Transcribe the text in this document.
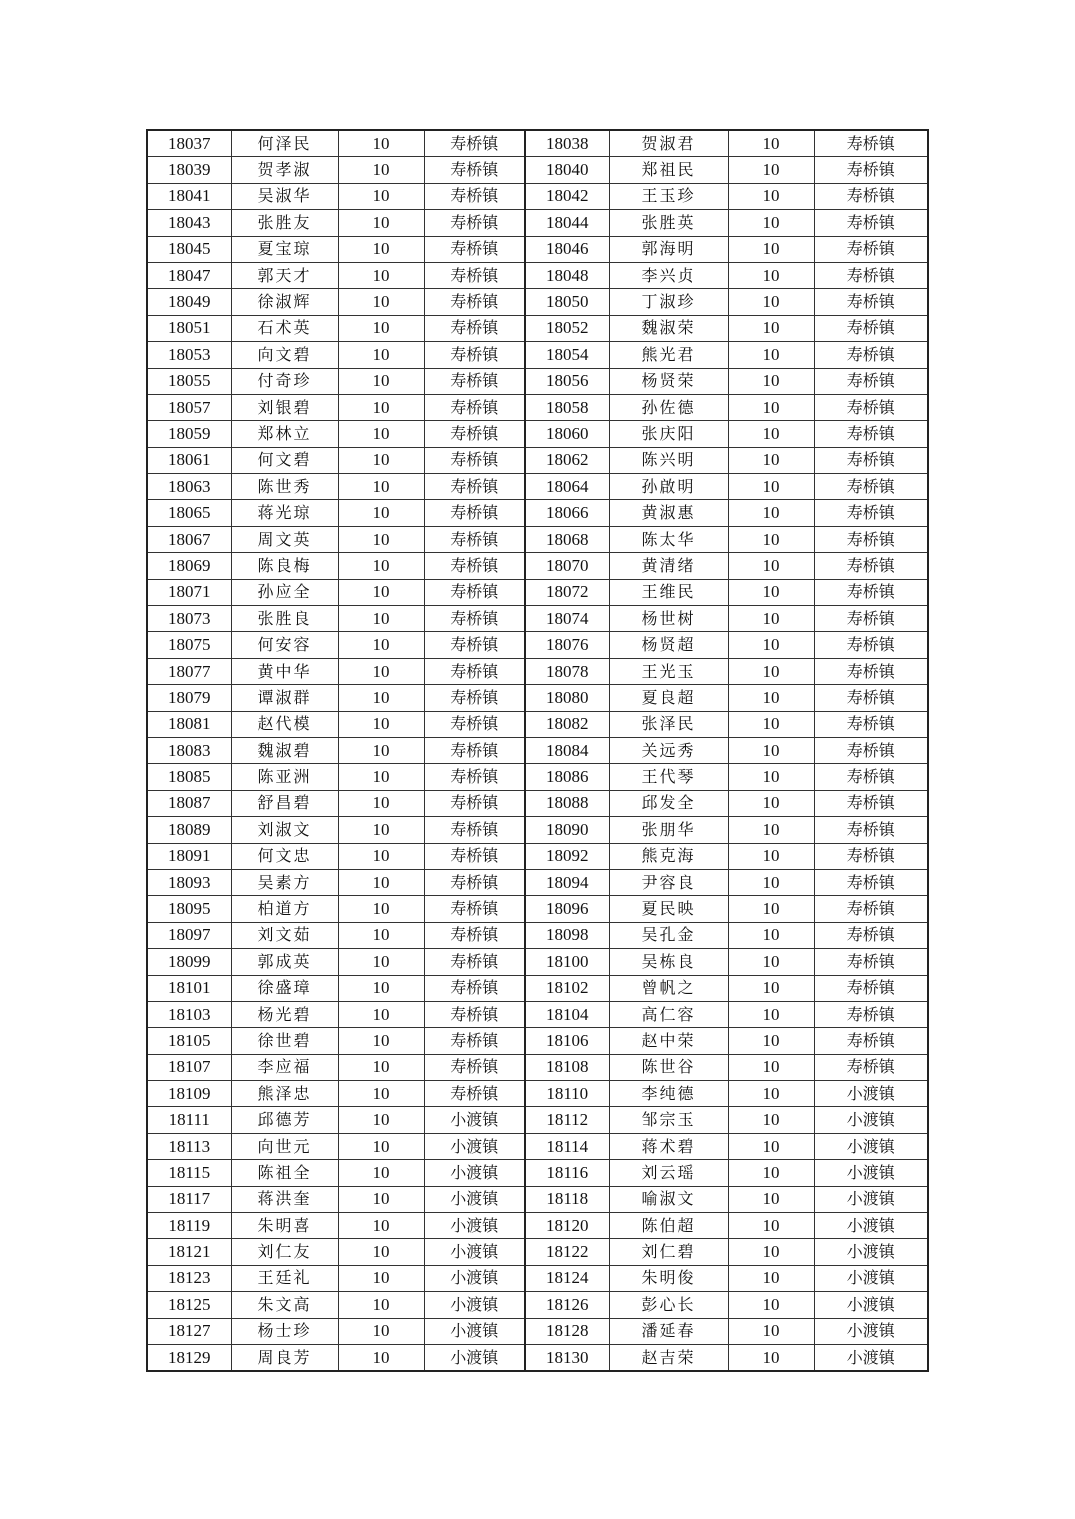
18037	何泽民	10	寿桥镇	18038	贺淑君	10	寿桥镇
18039	贺孝淑	10	寿桥镇	18040	郑祖民	10	寿桥镇
18041	吴淑华	10	寿桥镇	18042	王玉珍	10	寿桥镇
18043	张胜友	10	寿桥镇	18044	张胜英	10	寿桥镇
18045	夏宝琼	10	寿桥镇	18046	郭海明	10	寿桥镇
18047	郭天才	10	寿桥镇	18048	李兴贞	10	寿桥镇
18049	徐淑辉	10	寿桥镇	18050	丁淑珍	10	寿桥镇
18051	石术英	10	寿桥镇	18052	魏淑荣	10	寿桥镇
18053	向文碧	10	寿桥镇	18054	熊光君	10	寿桥镇
18055	付奇珍	10	寿桥镇	18056	杨贤荣	10	寿桥镇
18057	刘银碧	10	寿桥镇	18058	孙佐德	10	寿桥镇
18059	郑林立	10	寿桥镇	18060	张庆阳	10	寿桥镇
18061	何文碧	10	寿桥镇	18062	陈兴明	10	寿桥镇
18063	陈世秀	10	寿桥镇	18064	孙啟明	10	寿桥镇
18065	蒋光琼	10	寿桥镇	18066	黄淑惠	10	寿桥镇
18067	周文英	10	寿桥镇	18068	陈太华	10	寿桥镇
18069	陈良梅	10	寿桥镇	18070	黄清绪	10	寿桥镇
18071	孙应全	10	寿桥镇	18072	王维民	10	寿桥镇
18073	张胜良	10	寿桥镇	18074	杨世树	10	寿桥镇
18075	何安容	10	寿桥镇	18076	杨贤超	10	寿桥镇
18077	黄中华	10	寿桥镇	18078	王光玉	10	寿桥镇
18079	谭淑群	10	寿桥镇	18080	夏良超	10	寿桥镇
18081	赵代模	10	寿桥镇	18082	张泽民	10	寿桥镇
18083	魏淑碧	10	寿桥镇	18084	关远秀	10	寿桥镇
18085	陈亚洲	10	寿桥镇	18086	王代琴	10	寿桥镇
18087	舒昌碧	10	寿桥镇	18088	邱发全	10	寿桥镇
18089	刘淑文	10	寿桥镇	18090	张朋华	10	寿桥镇
18091	何文忠	10	寿桥镇	18092	熊克海	10	寿桥镇
18093	吴素方	10	寿桥镇	18094	尹容良	10	寿桥镇
18095	柏道方	10	寿桥镇	18096	夏民映	10	寿桥镇
18097	刘文茹	10	寿桥镇	18098	吴孔金	10	寿桥镇
18099	郭成英	10	寿桥镇	18100	吴栋良	10	寿桥镇
18101	徐盛璋	10	寿桥镇	18102	曾帆之	10	寿桥镇
18103	杨光碧	10	寿桥镇	18104	高仁容	10	寿桥镇
18105	徐世碧	10	寿桥镇	18106	赵中荣	10	寿桥镇
18107	李应福	10	寿桥镇	18108	陈世谷	10	寿桥镇
18109	熊泽忠	10	寿桥镇	18110	李纯德	10	小渡镇
18111	邱德芳	10	小渡镇	18112	邹宗玉	10	小渡镇
18113	向世元	10	小渡镇	18114	蒋术碧	10	小渡镇
18115	陈祖全	10	小渡镇	18116	刘云瑶	10	小渡镇
18117	蒋洪奎	10	小渡镇	18118	喻淑文	10	小渡镇
18119	朱明喜	10	小渡镇	18120	陈伯超	10	小渡镇
18121	刘仁友	10	小渡镇	18122	刘仁碧	10	小渡镇
18123	王廷礼	10	小渡镇	18124	朱明俊	10	小渡镇
18125	朱文高	10	小渡镇	18126	彭心长	10	小渡镇
18127	杨士珍	10	小渡镇	18128	潘延春	10	小渡镇
18129	周良芳	10	小渡镇	18130	赵吉荣	10	小渡镇
